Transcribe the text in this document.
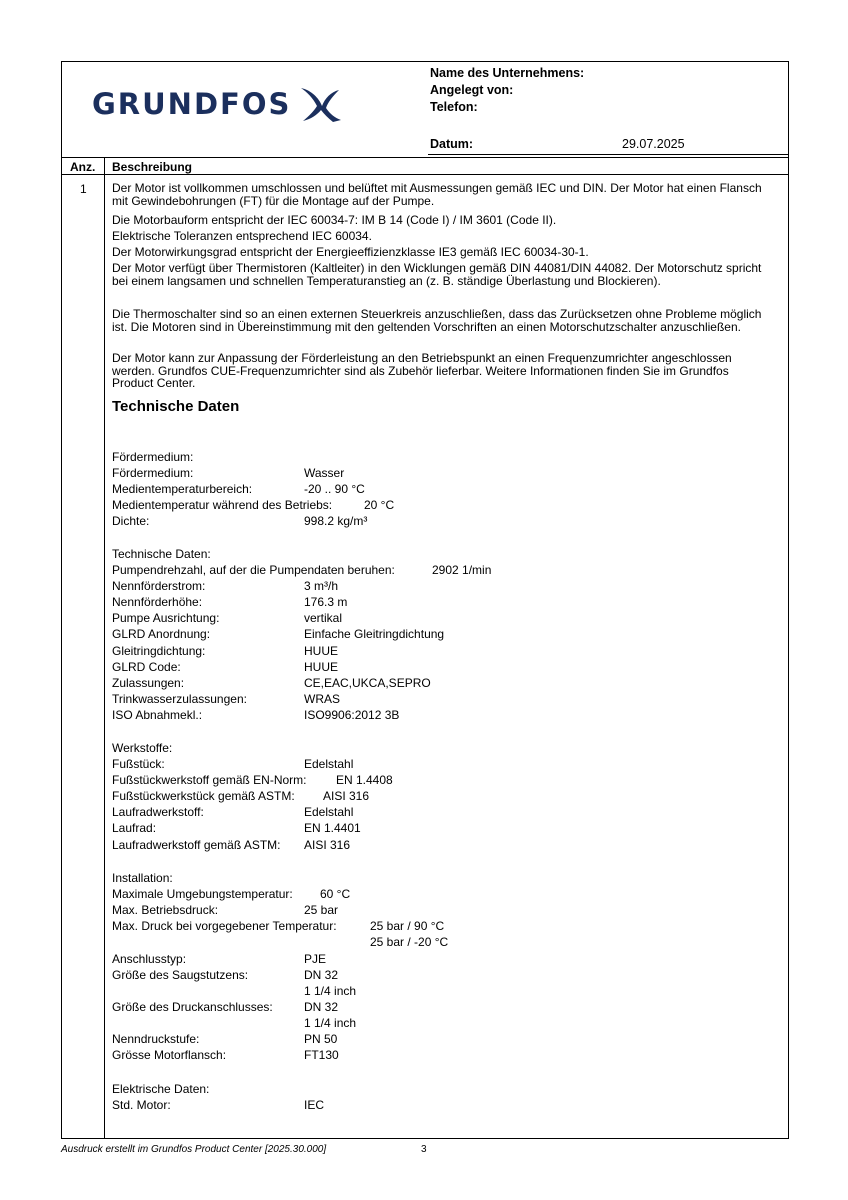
GRUNDFOS
Name des Unternehmens:
Angelegt von:
Telefon:
Datum:	29.07.2025
Anz. Beschreibung
1 Der Motor ist vollkommen umschlossen und belüftet mit Ausmessungen gemäß IEC und DIN. Der Motor hat einen Flansch mit Gewindebohrungen (FT) für die Montage auf der Pumpe.

Die Motorbauform entspricht der IEC 60034-7: IM B 14 (Code I) / IM 3601 (Code II).

Elektrische Toleranzen entsprechend IEC 60034.

Der Motorwirkungsgrad entspricht der Energieeffizienzklasse IE3 gemäß IEC 60034-30-1.

Der Motor verfügt über Thermistoren (Kaltleiter) in den Wicklungen gemäß DIN 44081/DIN 44082. Der Motorschutz spricht bei einem langsamen und schnellen Temperaturanstieg an (z. B. ständige Überlastung und Blockieren).

Die Thermoschalter sind so an einen externen Steuerkreis anzuschließen, dass das Zurücksetzen ohne Probleme möglich ist. Die Motoren sind in Übereinstimmung mit den geltenden Vorschriften an einen Motorschutzschalter anzuschließen.

Der Motor kann zur Anpassung der Förderleistung an den Betriebspunkt an einen Frequenzumrichter angeschlossen werden. Grundfos CUE-Frequenzumrichter sind als Zubehör lieferbar. Weitere Informationen finden Sie im Grundfos Product Center.

Technische Daten
Fördermedium:
Fördermedium:	Wasser
Medientemperaturbereich:	-20 .. 90 °C
Medientemperatur während des Betriebs:	20 °C
Dichte:	998.2 kg/m³
Technische Daten:
Pumpendrehzahl, auf der die Pumpendaten beruhen:	2902 1/min
Nennförderstrom:	3 m³/h
Nennförderhöhe:	176.3 m
Pumpe Ausrichtung:	vertikal
GLRD Anordnung:	Einfache Gleitringdichtung
Gleitringdichtung:	HUUE
GLRD Code:	HUUE
Zulassungen:	CE,EAC,UKCA,SEPRO
Trinkwasserzulassungen:	WRAS
ISO Abnahmekl.:	ISO9906:2012 3B
Werkstoffe:
Fußstück:	Edelstahl
Fußstückwerkstoff gemäß EN-Norm: EN 1.4408
Fußstückwerkstück gemäß ASTM: AISI 316
Laufradwerkstoff:	Edelstahl
Laufrad:	EN 1.4401
Laufradwerkstoff gemäß ASTM: AISI 316
Installation:
Maximale Umgebungstemperatur: 60 °C
Max. Betriebsdruck:	25 bar
Max. Druck bei vorgegebener Temperatur:	25 bar / 90 °C
25 bar / -20 °C
Anschlusstyp:	PJE
Größe des Saugstutzens:	DN 32
1 1/4 inch
Größe des Druckanschlusses:	DN 32
1 1/4 inch
Nenndruckstufe:	PN 50
Grösse Motorflansch:	FT130
Elektrische Daten:
Std. Motor:	IEC
Ausdruck erstellt im Grundfos Product Center [2025.30.000]	3
